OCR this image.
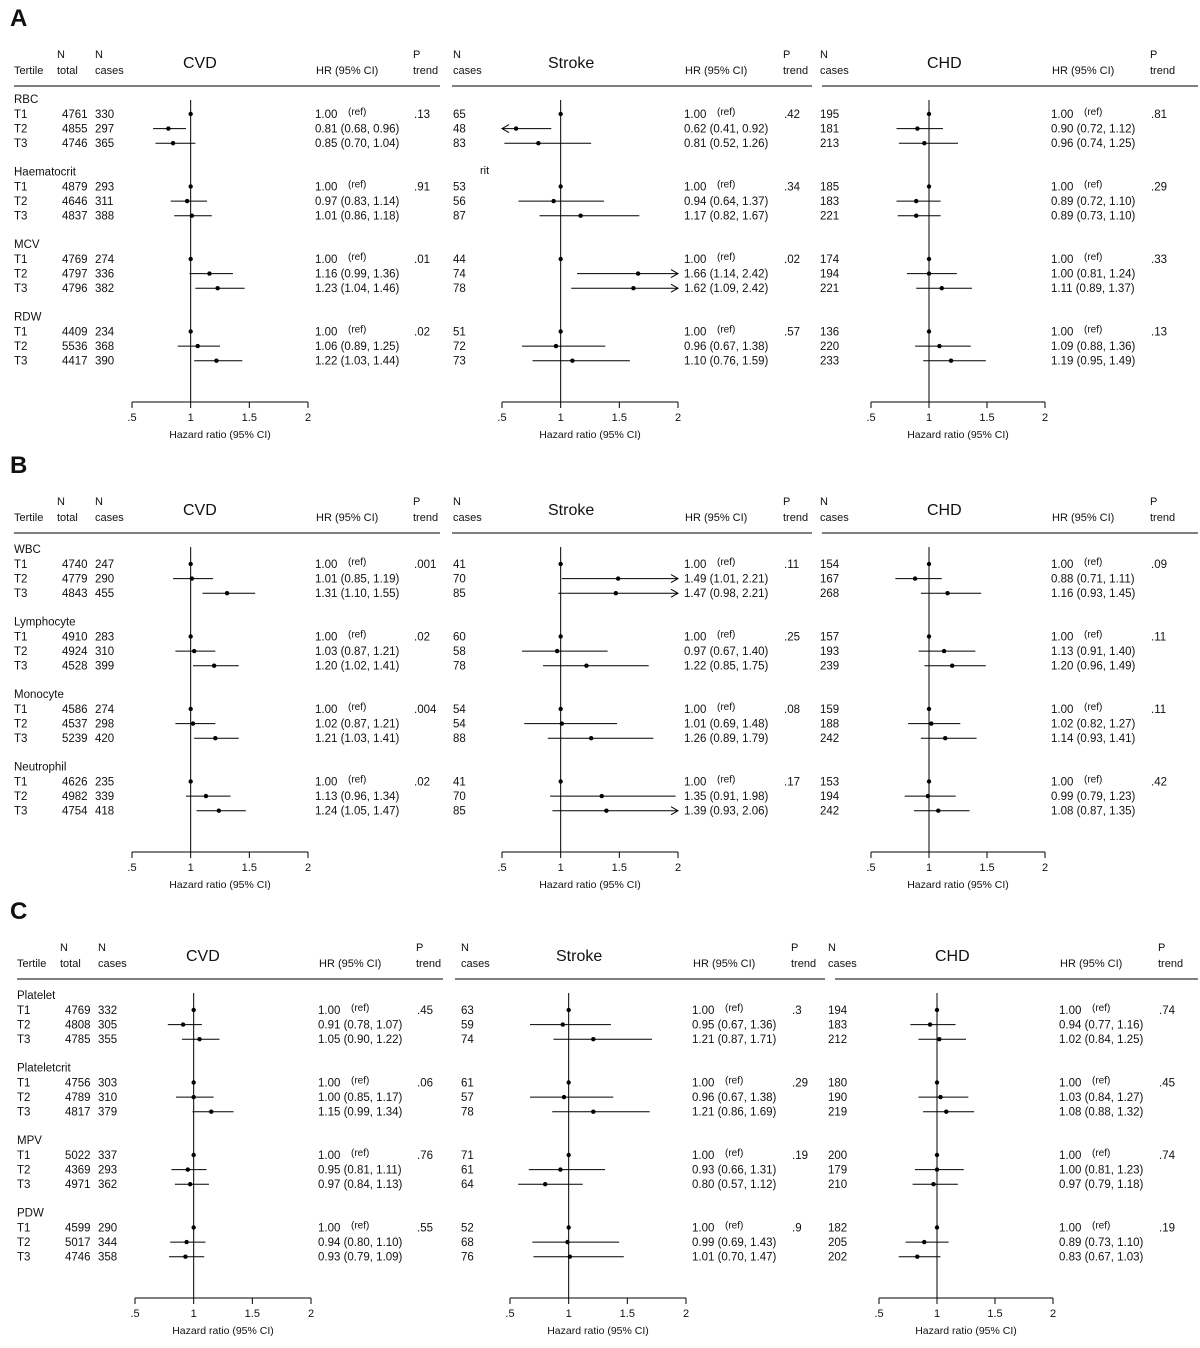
A
CVD	HR (95% CI)
P
trend
N
cases
N
total
Tertile
.5	1	1.5	2
Hazard ratio (95% CI)
RBC
T1	4761 330	1.00 (ref)	.13
T2	4855 297	0.81 (0.68, 0.96)
T3	4746 365	0.85 (0.70, 1.04)
Haematocrit
T1	4879 293	1.00 (ref)	.91
T2	4646 311	0.97 (0.83, 1.14)
T3	4837 388	1.01 (0.86, 1.18)
MCV
T1	4769 274	1.00 (ref)	.01
T2	4797 336	1.16 (0.99, 1.36)
T3	4796 382	1.23 (1.04, 1.46)
RDW
T1	4409 234	1.00 (ref)	.02
T2	5536 368	1.06 (0.89, 1.25)
T3	4417 390	1.22 (1.03, 1.44)
Stroke	HR (95% CI)
P
trend
N
cases
.5	1	1.5	2
Hazard ratio (95% CI)
rit
65	1.00 (ref)	.42
48	0.62 (0.41, 0.92)
83	0.81 (0.52, 1.26)
53	1.00 (ref)	.34
56	0.94 (0.64, 1.37)
87	1.17 (0.82, 1.67)
44	1.00 (ref)	.02
74	1.66 (1.14, 2.42)
78	1.62 (1.09, 2.42)
51	1.00 (ref)	.57
72	0.96 (0.67, 1.38)
73	1.10 (0.76, 1.59)
CHD	HR (95% CI)
P
trend
N
cases
.5	1	1.5	2
Hazard ratio (95% CI)
195	1.00 (ref)	.81
181	0.90 (0.72, 1.12)
213	0.96 (0.74, 1.25)
185	1.00 (ref)	.29
183	0.89 (0.72, 1.10)
221	0.89 (0.73, 1.10)
174	1.00 (ref)	.33
194	1.00 (0.81, 1.24)
221	1.11 (0.89, 1.37)
136	1.00 (ref)	.13
220	1.09 (0.88, 1.36)
233	1.19 (0.95, 1.49)
B
CVD	HR (95% CI)
P
trend
N
cases
N
total
Tertile
.5	1	1.5	2
Hazard ratio (95% CI)
WBC
T1	4740 247	1.00 (ref)	.001
T2	4779 290	1.01 (0.85, 1.19)
T3	4843 455	1.31 (1.10, 1.55)
Lymphocyte
T1	4910 283	1.00 (ref)	.02
T2	4924 310	1.03 (0.87, 1.21)
T3	4528 399	1.20 (1.02, 1.41)
Monocyte
T1	4586 274	1.00 (ref)	.004
T2	4537 298	1.02 (0.87, 1.21)
T3	5239 420	1.21 (1.03, 1.41)
Neutrophil
T1	4626 235	1.00 (ref)	.02
T2	4982 339	1.13 (0.96, 1.34)
T3	4754 418	1.24 (1.05, 1.47)
Stroke	HR (95% CI)
P
trend
N
cases
.5	1	1.5	2
Hazard ratio (95% CI)
41	1.00 (ref)	.11
70	1.49 (1.01, 2.21)
85	1.47 (0.98, 2.21)
60	1.00 (ref)	.25
58	0.97 (0.67, 1.40)
78	1.22 (0.85, 1.75)
54	1.00 (ref)	.08
54	1.01 (0.69, 1.48)
88	1.26 (0.89, 1.79)
41	1.00 (ref)	.17
70	1.35 (0.91, 1.98)
85	1.39 (0.93, 2.06)
CHD	HR (95% CI)
P
trend
N
cases
.5	1	1.5	2
Hazard ratio (95% CI)
154	1.00 (ref)	.09
167	0.88 (0.71, 1.11)
268	1.16 (0.93, 1.45)
157	1.00 (ref)	.11
193	1.13 (0.91, 1.40)
239	1.20 (0.96, 1.49)
159	1.00 (ref)	.11
188	1.02 (0.82, 1.27)
242	1.14 (0.93, 1.41)
153	1.00 (ref)	.42
194	0.99 (0.79, 1.23)
242	1.08 (0.87, 1.35)
C
CVD	HR (95% CI)
P
trend
N
cases
N
total
Tertile
.5	1	1.5	2
Hazard ratio (95% CI)
Platelet
T1	4769 332	1.00 (ref)	.45
T2	4808 305	0.91 (0.78, 1.07)
T3	4785 355	1.05 (0.90, 1.22)
Plateletcrit
T1	4756 303	1.00 (ref)	.06
T2	4789 310	1.00 (0.85, 1.17)
T3	4817 379	1.15 (0.99, 1.34)
MPV
T1	5022 337	1.00 (ref)	.76
T2	4369 293	0.95 (0.81, 1.11)
T3	4971 362	0.97 (0.84, 1.13)
PDW
T1	4599 290	1.00 (ref)	.55
T2	5017 344	0.94 (0.80, 1.10)
T3	4746 358	0.93 (0.79, 1.09)
Stroke	HR (95% CI)
P
trend
N
cases
.5	1	1.5	2
Hazard ratio (95% CI)
63	1.00 (ref)	.3
59	0.95 (0.67, 1.36)
74	1.21 (0.87, 1.71)
61	1.00 (ref)	.29
57	0.96 (0.67, 1.38)
78	1.21 (0.86, 1.69)
71	1.00 (ref)	.19
61	0.93 (0.66, 1.31)
64	0.80 (0.57, 1.12)
52	1.00 (ref)	.9
68	0.99 (0.69, 1.43)
76	1.01 (0.70, 1.47)
CHD	HR (95% CI)
P
trend
N
cases
.5	1	1.5	2
Hazard ratio (95% CI)
194	1.00 (ref)	.74
183	0.94 (0.77, 1.16)
212	1.02 (0.84, 1.25)
180	1.00 (ref)	.45
190	1.03 (0.84, 1.27)
219	1.08 (0.88, 1.32)
200	1.00 (ref)	.74
179	1.00 (0.81, 1.23)
210	0.97 (0.79, 1.18)
182	1.00 (ref)	.19
205	0.89 (0.73, 1.10)
202	0.83 (0.67, 1.03)
